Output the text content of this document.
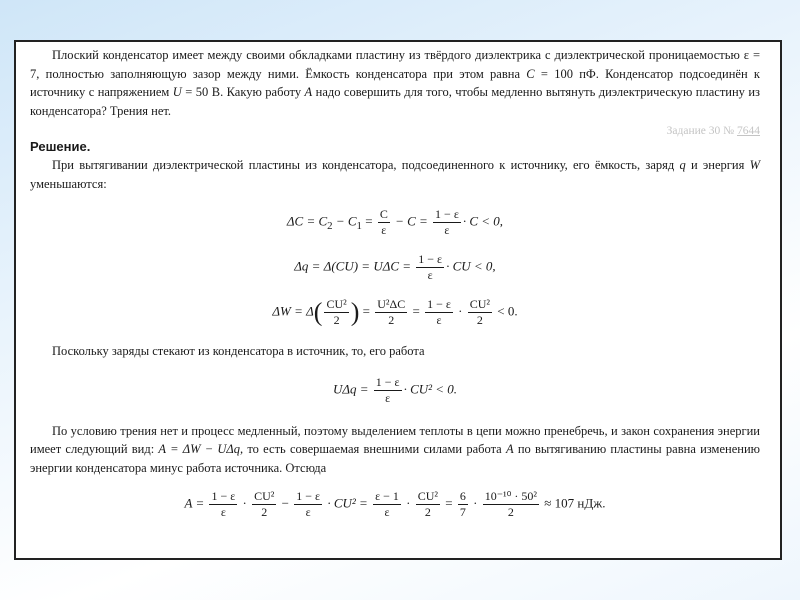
Плоский конденсатор имеет между своими обкладками пластину из твёрдого диэлектрика с диэлектрической проницаемостью ε = 7, полностью заполняющую зазор между ними. Ёмкость конденсатора при этом равна C = 100 пФ. Конденсатор подсоединён к источнику с напряжением U = 50 В. Какую работу A надо совершить для того, чтобы медленно вытянуть диэлектрическую пластину из конденсатора? Трения нет.

Задание 30 № 7644

Решение.

При вытягивании диэлектрической пластины из конденсатора, подсоединенного к источнику, его ёмкость, заряд q и энергия W уменьшаются:

$\Delta C = C_2 - C_1 = \frac{C}{\varepsilon} - C = \frac{1 - \varepsilon}{\varepsilon} \cdot C < 0$,
$\Delta q = \Delta(CU) = U\Delta C = \frac{1 - \varepsilon}{\varepsilon}$ · CU < 0,
$\Delta W = \Delta( \frac{\text{CU²}}{2}$ ) = $\frac{\text{U²ΔC}}{2} = \frac{1 - \varepsilon}{\varepsilon} \cdot \frac{\text{CU²}}{2} < 0$.

Поскольку заряды стекают из конденсатора в источник, то, его работа

$U\Delta q = \frac{1 - \varepsilon}{\varepsilon} \cdot CU^2 < 0$.

По условию трения нет и процесс медленный, поэтому выделением теплоты в цепи можно пренебречь, и закон сохранения энергии имеет следующий вид: A = ΔW − UΔq, то есть совершаемая внешними силами работа A по вытягиванию пластины равна изменению энергии конденсатора минус работа источника. Отсюда

$A = \frac{1 - \varepsilon}{\varepsilon} \cdot \frac{\text{CU²}}{2} - \frac{1 - \varepsilon}{\varepsilon} \cdot CU^2 = \frac{\varepsilon - 1}{\varepsilon} \cdot \frac{\text{CU²}}{2} = \frac{6}{7} \cdot \frac{\text{10⁻¹⁰ · 50²}}{2} \approx 107$ нДж.
